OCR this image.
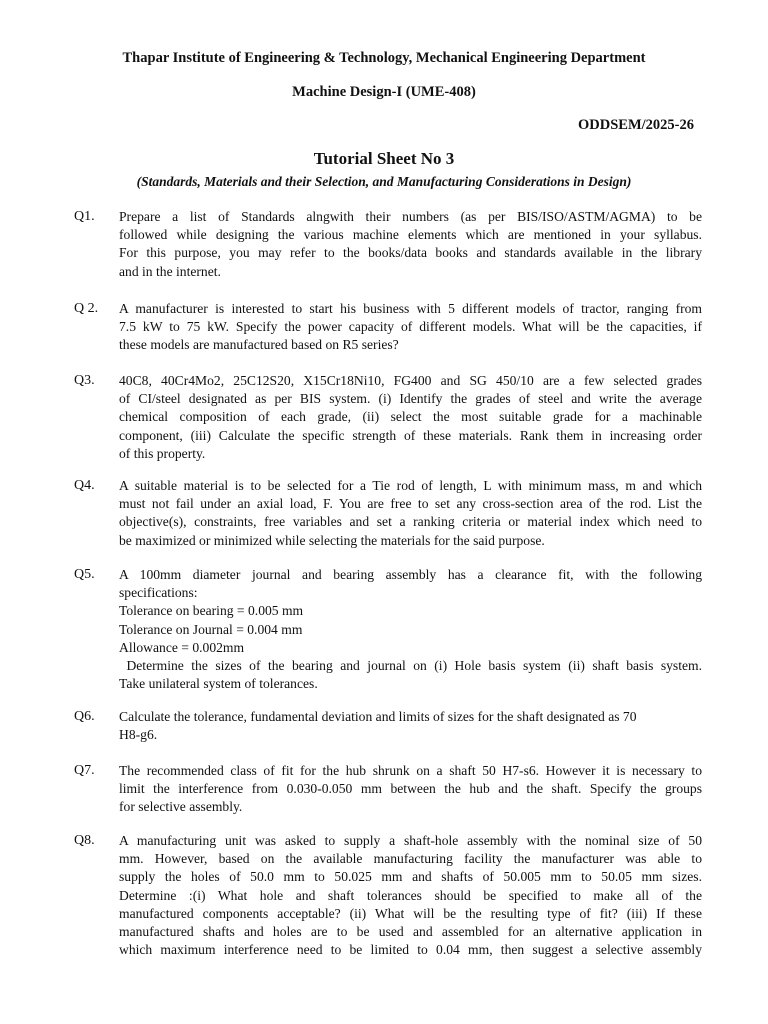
Thapar Institute of Engineering & Technology, Mechanical Engineering Department
Machine Design-I (UME-408)
ODDSEM/2025-26
Tutorial Sheet No 3
(Standards, Materials and their Selection, and Manufacturing Considerations in Design)
Q1. Prepare a list of Standards alngwith their numbers (as per BIS/ISO/ASTM/AGMA) to be
followed while designing the various machine elements which are mentioned in your syllabus.
For this purpose, you may refer to the books/data books and standards available in the library
and in the internet.
Q 2. A manufacturer is interested to start his business with 5 different models of tractor, ranging from
7.5 kW to 75 kW. Specify the power capacity of different models. What will be the capacities, if
these models are manufactured based on R5 series?
Q3. 40C8, 40Cr4Mo2, 25C12S20, X15Cr18Ni10, FG400 and SG 450/10 are a few selected grades
of CI/steel designated as per BIS system. (i) Identify the grades of steel and write the average
chemical composition of each grade, (ii) select the most suitable grade for a machinable
component, (iii) Calculate the specific strength of these materials. Rank them in increasing order
of this property.
Q4. A suitable material is to be selected for a Tie rod of length, L with minimum mass, m and which
must not fail under an axial load, F. You are free to set any cross-section area of the rod. List the
objective(s), constraints, free variables and set a ranking criteria or material index which need to
be maximized or minimized while selecting the materials for the said purpose.
Q5. A 100mm diameter journal and bearing assembly has a clearance fit, with the following
specifications:
Tolerance on bearing = 0.005 mm
Tolerance on Journal = 0.004 mm
Allowance = 0.002mm
Determine the sizes of the bearing and journal on (i) Hole basis system (ii) shaft basis system.
Take unilateral system of tolerances.
Q6. Calculate the tolerance, fundamental deviation and limits of sizes for the shaft designated as 70
H8-g6.
Q7. The recommended class of fit for the hub shrunk on a shaft 50 H7-s6. However it is necessary to
limit the interference from 0.030-0.050 mm between the hub and the shaft. Specify the groups
for selective assembly.
Q8. A manufacturing unit was asked to supply a shaft-hole assembly with the nominal size of 50
mm. However, based on the available manufacturing facility the manufacturer was able to
supply the holes of 50.0 mm to 50.025 mm and shafts of 50.005 mm to 50.05 mm sizes.
Determine :(i) What hole and shaft tolerances should be specified to make all of the
manufactured components acceptable? (ii) What will be the resulting type of fit? (iii) If these
manufactured shafts and holes are to be used and assembled for an alternative application in
which maximum interference need to be limited to 0.04 mm, then suggest a selective assembly
